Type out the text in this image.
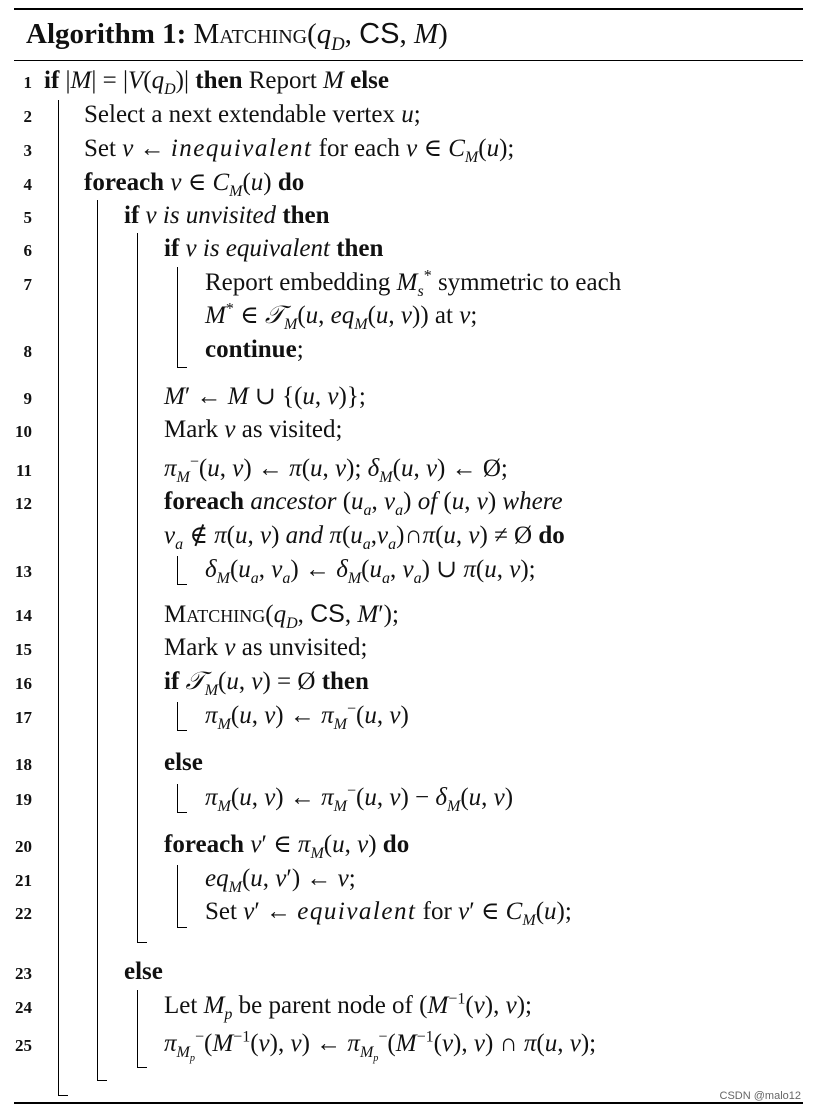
Algorithm 1: $Matching(q_D$, CS, M)
1
2
3
4
5
6
7
8
9
10
11
12
13
14
15
16
17
18
19
20
21
22
23
24
25
if $|M| = |V(q_D)|$ then Report M else
Select a next extendable vertex u;
Set v ← inequivalent for each v ∈ $C_M(u)$;
foreach v ∈ $C_M(u)$ do
if v is unvisited then
if v is equivalent then
Report embedding $M_s^*$ symmetric to each
M* ∈ 𝒯$_M$(u, $eq_M(u$, v)) at v;
continue;
M′ ← M ∪ {(u, v)};
Mark v as visited;
$\pi_M^-(u$, v) ← π(u, v); $\delta_M(u$, v) ← Ø;
foreach ancestor ($u_a$, $v_a$) of (u, v) where
$v_a$ ∉ π(u, v) and $\pi(u_a,v_a)\cap\pi(u$, v) ≠ Ø do
$\delta_M(u_a$, $v_a$) ← $\delta_M(u_a$, $v_a$) ∪ π(u, v);
$Matching(q_D$, CS, M′);
Mark v as unvisited;
if 𝒯$_M$(u, v) = Ø then
$\pi_M(u$, v) ← $\pi_M^-(u$, v)
else
$\pi_M(u$, v) ← $\pi_M^-(u$, $v) - \delta_M(u$, v)
foreach v′ ∈ $\pi_M(u$, v) do
$eq_M(u$, v′) ← v;
Set v′ ← equivalent for v′ ∈ $C_M(u)$;
else
Let $M_p$ be parent node of ($M^{-1}(v)$, v);
$\pi_{M_p}^-(M^{-1}(v)$, v) ← $\pi_{M_p}^-(M^{-1}(v)$, v) ∩ π(u, v);
CSDN @malo12
